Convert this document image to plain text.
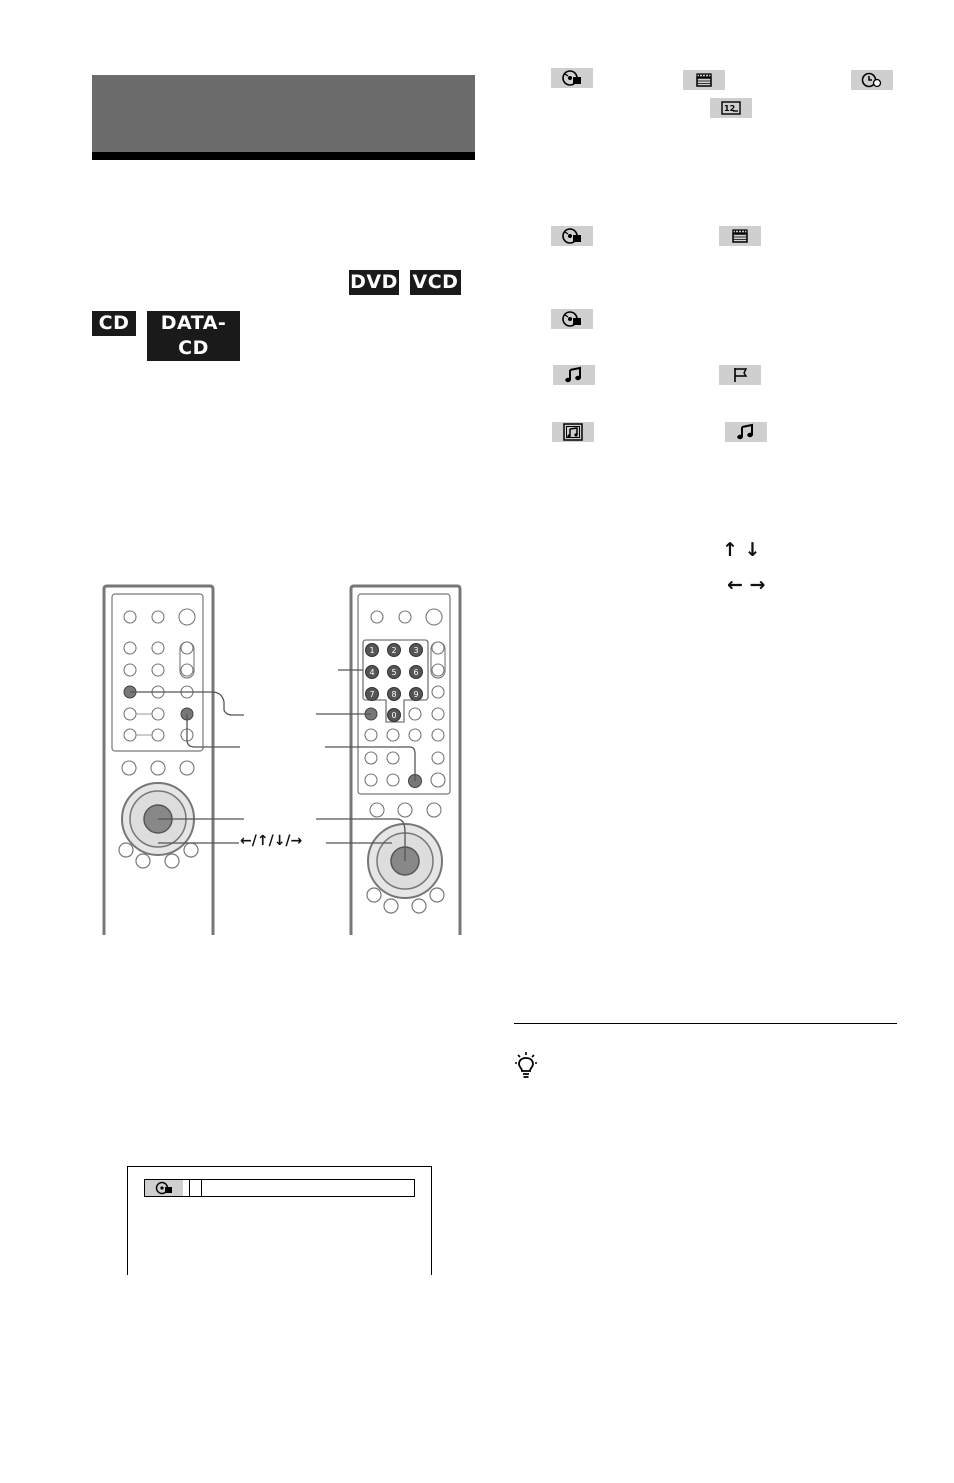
DVD VCD
CD	DATA-CD
12
↑ ↓
← →
1 2 3
4 5 6
7 8 9
0
←/↑/↓/→
